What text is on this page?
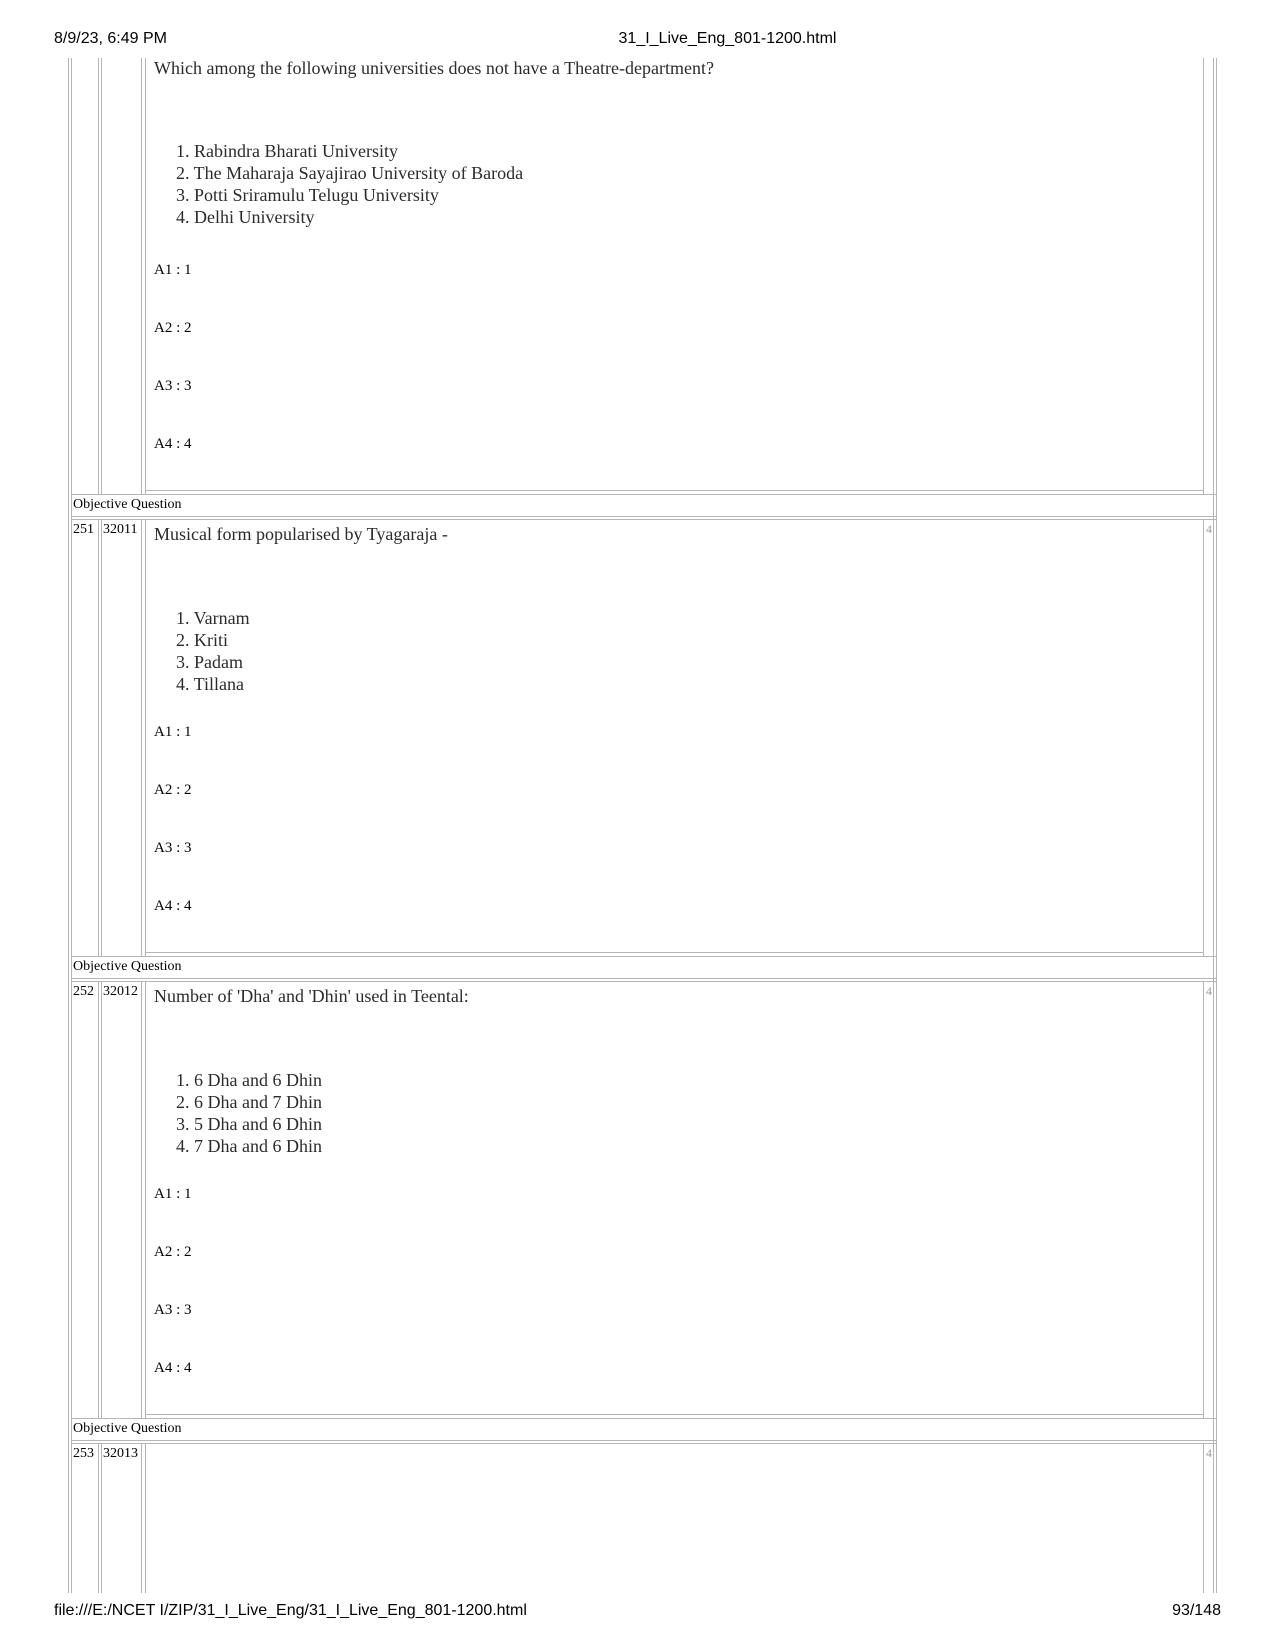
8/9/23, 6:49 PM	31_I_Live_Eng_801-1200.html

Which among the following universities does not have a Theatre-department?

1. Rabindra Bharati University
2. The Maharaja Sayajirao University of Baroda
3. Potti Sriramulu Telugu University
4. Delhi University
A1 : 1
A2 : 2
A3 : 3
A4 : 4
Objective Question
251 32011	4

Musical form popularised by Tyagaraja -

1. Varnam
2. Kriti
3. Padam
4. Tillana
A1 : 1
A2 : 2
A3 : 3
A4 : 4
Objective Question
252 32012	4

Number of 'Dha' and 'Dhin' used in Teental:

1. 6 Dha and 6 Dhin
2. 6 Dha and 7 Dhin
3. 5 Dha and 6 Dhin
4. 7 Dha and 6 Dhin
A1 : 1
A2 : 2
A3 : 3
A4 : 4
Objective Question
253 32013	4
file:///E:/NCET I/ZIP/31_I_Live_Eng/31_I_Live_Eng_801-1200.html	93/148
